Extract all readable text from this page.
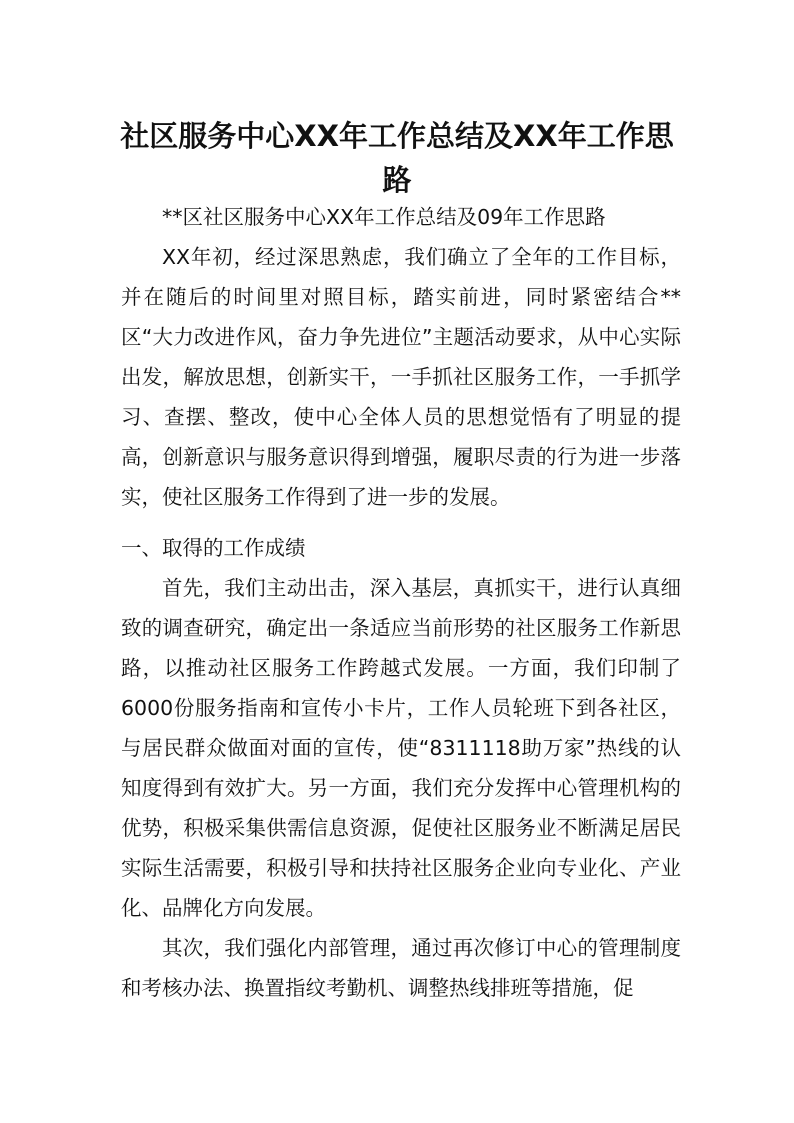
社区服务中心XX年工作总结及XX年工作思路

**区社区服务中心XX年工作总结及09年工作思路

XX年初，经过深思熟虑，我们确立了全年的工作目标，并在随后的时间里对照目标，踏实前进，同时紧密结合**区“大力改进作风，奋力争先进位”主题活动要求，从中心实际出发，解放思想，创新实干，一手抓社区服务工作，一手抓学习、查摆、整改，使中心全体人员的思想觉悟有了明显的提高，创新意识与服务意识得到增强，履职尽责的行为进一步落实，使社区服务工作得到了进一步的发展。

一、取得的工作成绩

首先，我们主动出击，深入基层，真抓实干，进行认真细致的调查研究，确定出一条适应当前形势的社区服务工作新思路，以推动社区服务工作跨越式发展。一方面，我们印制了6000份服务指南和宣传小卡片，工作人员轮班下到各社区，与居民群众做面对面的宣传，使“8311118助万家”热线的认知度得到有效扩大。另一方面，我们充分发挥中心管理机构的优势，积极采集供需信息资源，促使社区服务业不断满足居民实际生活需要，积极引导和扶持社区服务企业向专业化、产业化、品牌化方向发展。

其次，我们强化内部管理，通过再次修订中心的管理制度和考核办法、换置指纹考勤机、调整热线排班等措施，促
